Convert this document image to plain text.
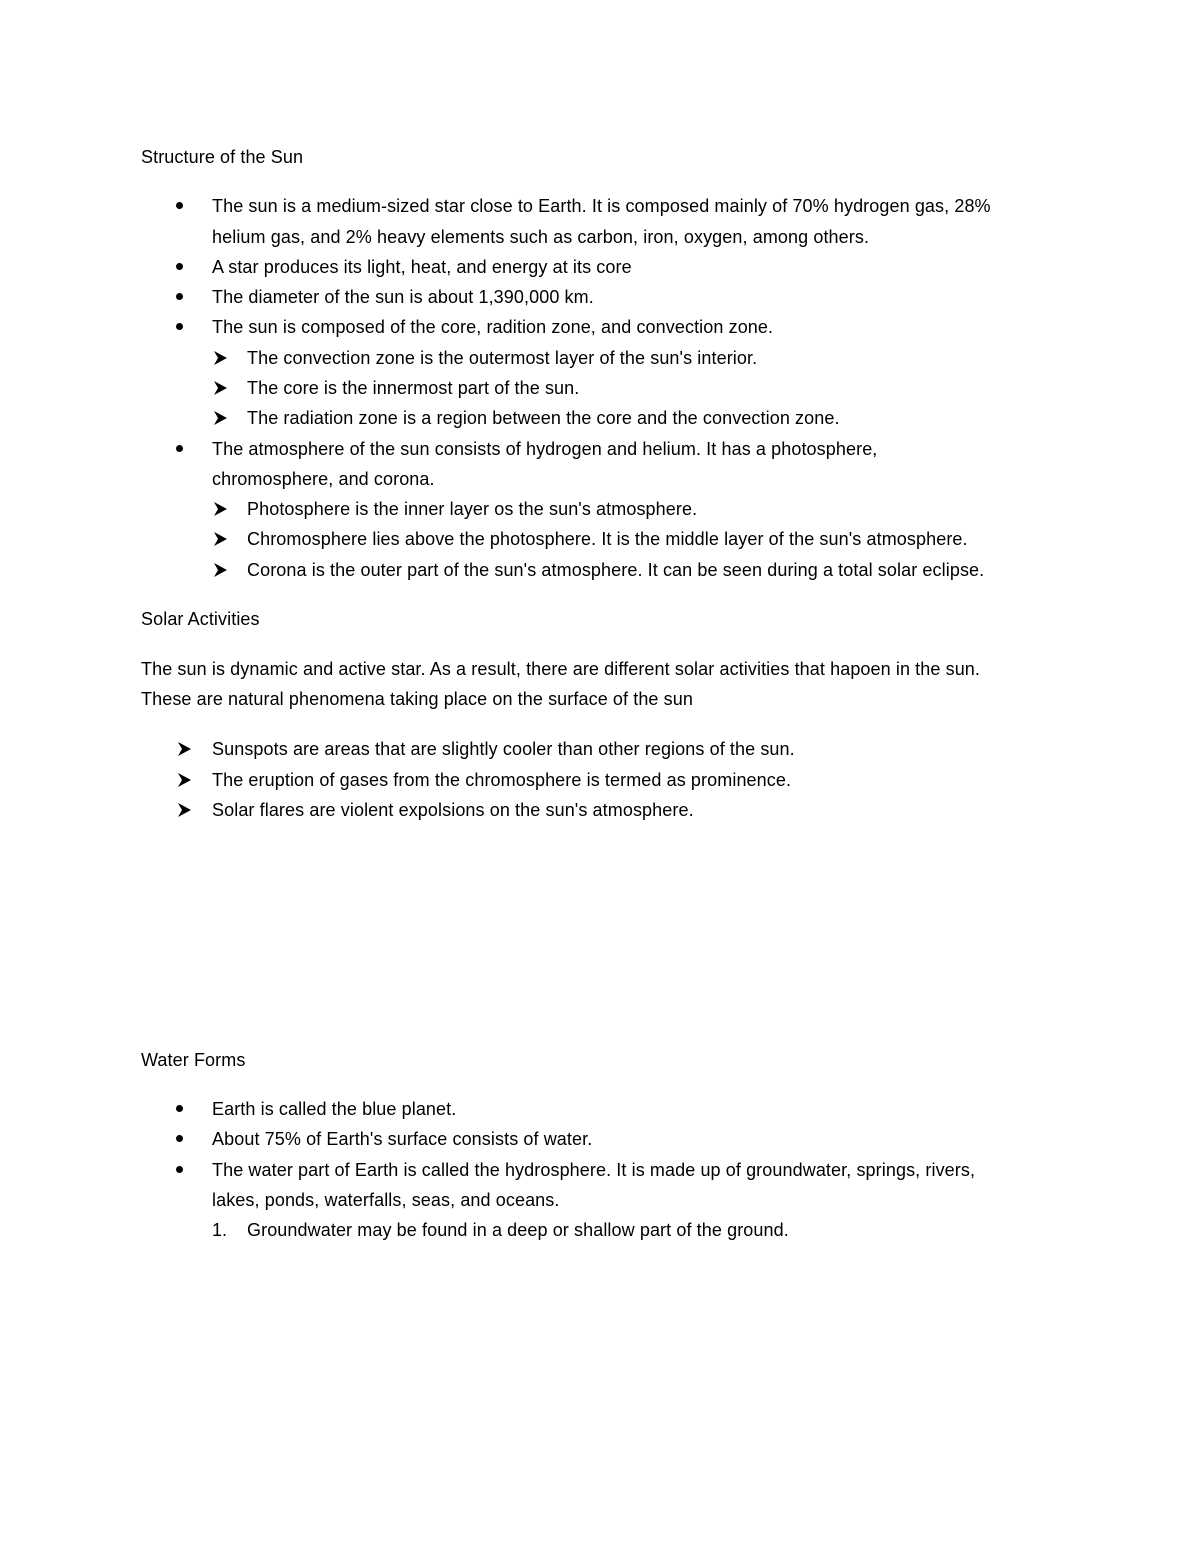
Structure of the Sun
The sun is a medium-sized star close to Earth. It is composed mainly of 70% hydrogen gas, 28%
helium gas, and 2% heavy elements such as carbon, iron, oxygen, among others.
A star produces its light, heat, and energy at its core
The diameter of the sun is about 1,390,000 km.
The sun is composed of the core, radition zone, and convection zone.
The convection zone is the outermost layer of the sun's interior.
The core is the innermost part of the sun.
The radiation zone is a region between the core and the convection zone.
The atmosphere of the sun consists of hydrogen and helium. It has a photosphere,
chromosphere, and corona.
Photosphere is the inner layer os the sun's atmosphere.
Chromosphere lies above the photosphere. It is the middle layer of the sun's atmosphere.
Corona is the outer part of the sun's atmosphere. It can be seen during a total solar eclipse.
Solar Activities
The sun is dynamic and active star. As a result, there are different solar activities that hapoen in the sun.
These are natural phenomena taking place on the surface of the sun
Sunspots are areas that are slightly cooler than other regions of the sun.
The eruption of gases from the chromosphere is termed as prominence.
Solar flares are violent expolsions on the sun's atmosphere.
Water Forms
Earth is called the blue planet.
About 75% of Earth's surface consists of water.
The water part of Earth is called the hydrosphere. It is made up of groundwater, springs, rivers,
lakes, ponds, waterfalls, seas, and oceans.
1. Groundwater may be found in a deep or shallow part of the ground.
